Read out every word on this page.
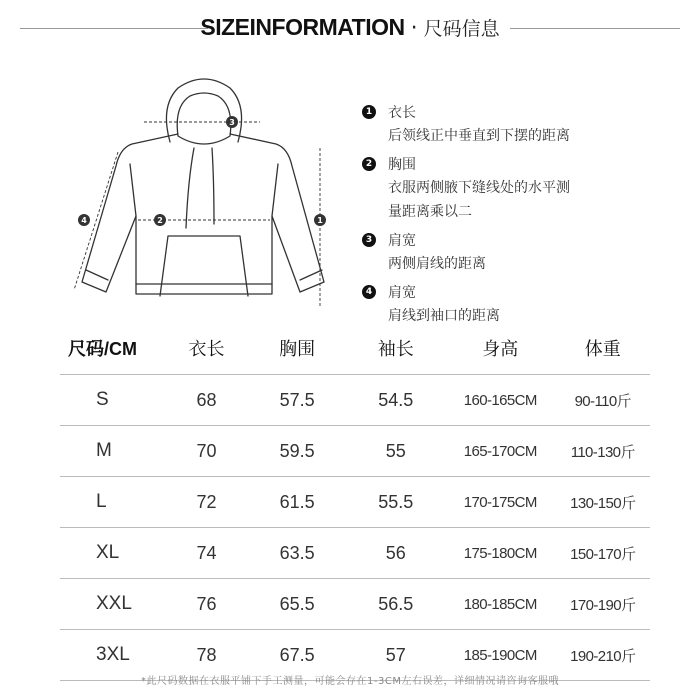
SIZEINFORMATION · 尺码信息
1
2
3
4
1 衣长
后领线正中垂直到下摆的距离
2 胸围
衣服两侧腋下缝线处的水平测
量距离乘以二
3 肩宽
两侧肩线的距离
4 肩宽
肩线到袖口的距离
尺码/CM	衣长	胸围	袖长	身高	体重
S	68	57.5	54.5	160-165CM	90-110斤
M	70	59.5	55	165-170CM	110-130斤
L	72	61.5	55.5	170-175CM	130-150斤
XL	74	63.5	56	175-180CM	150-170斤
XXL	76	65.5	56.5	180-185CM	170-190斤
3XL	78	67.5	57	185-190CM	190-210斤
*此尺码数据在衣服平铺下手工测量，可能会存在1-3CM左右误差，详细情况请咨询客服哦
